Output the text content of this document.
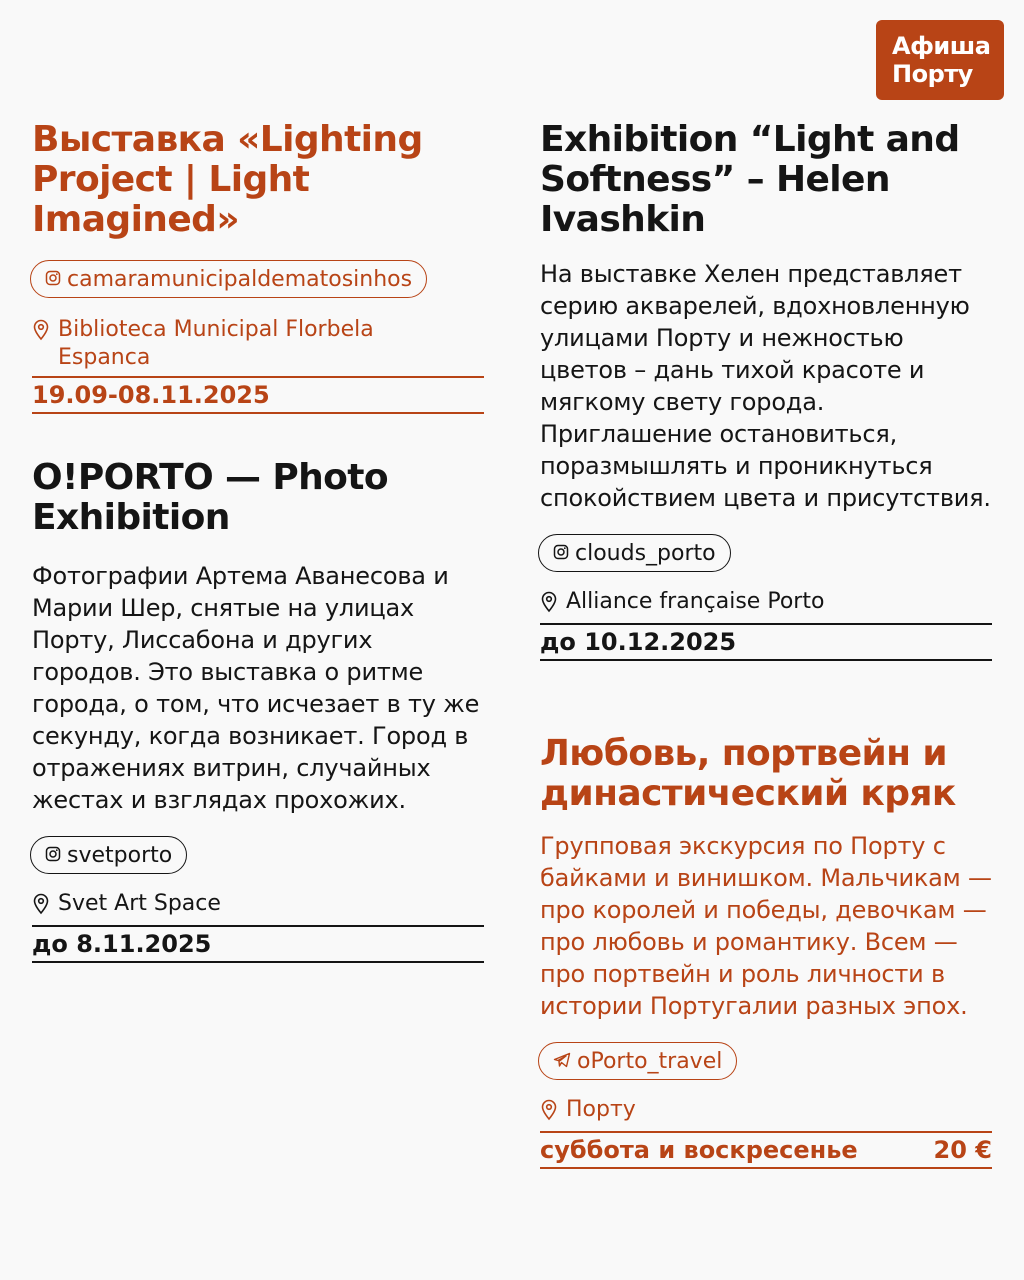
Афиша
Порту
Выставка «Lighting Project | Light Imagined»
camaramunicipaldematosinhos
Biblioteca Municipal Florbela Espanca
19.09-08.11.2025
O!PORTO — Photo Exhibition

Фотографии Артема Аванесова и Марии Шер, снятые на улицах Порту, Лиссабона и других городов. Это выставка о ритме города, о том, что исчезает в ту же секунду, когда возникает. Город в отражениях витрин, случайных жестах и взглядах прохожих.

svetporto
Svet Art Space
до 8.11.2025
Exhibition “Light and Softness” – Helen Ivashkin

На выставке Хелен представляет серию акварелей, вдохновленную улицами Порту и нежностью цветов – дань тихой красоте и мягкому свету города. Приглашение остановиться, поразмышлять и проникнуться спокойствием цвета и присутствия.

clouds_porto
Alliance française Porto
до 10.12.2025
Любовь, портвейн и династический кряк

Групповая экскурсия по Порту с байками и винишком. Мальчикам — про королей и победы, девочкам — про любовь и романтику. Всем — про портвейн и роль личности в истории Португалии разных эпох.

oPorto_travel
Порту
суббота и воскресенье	20 €
